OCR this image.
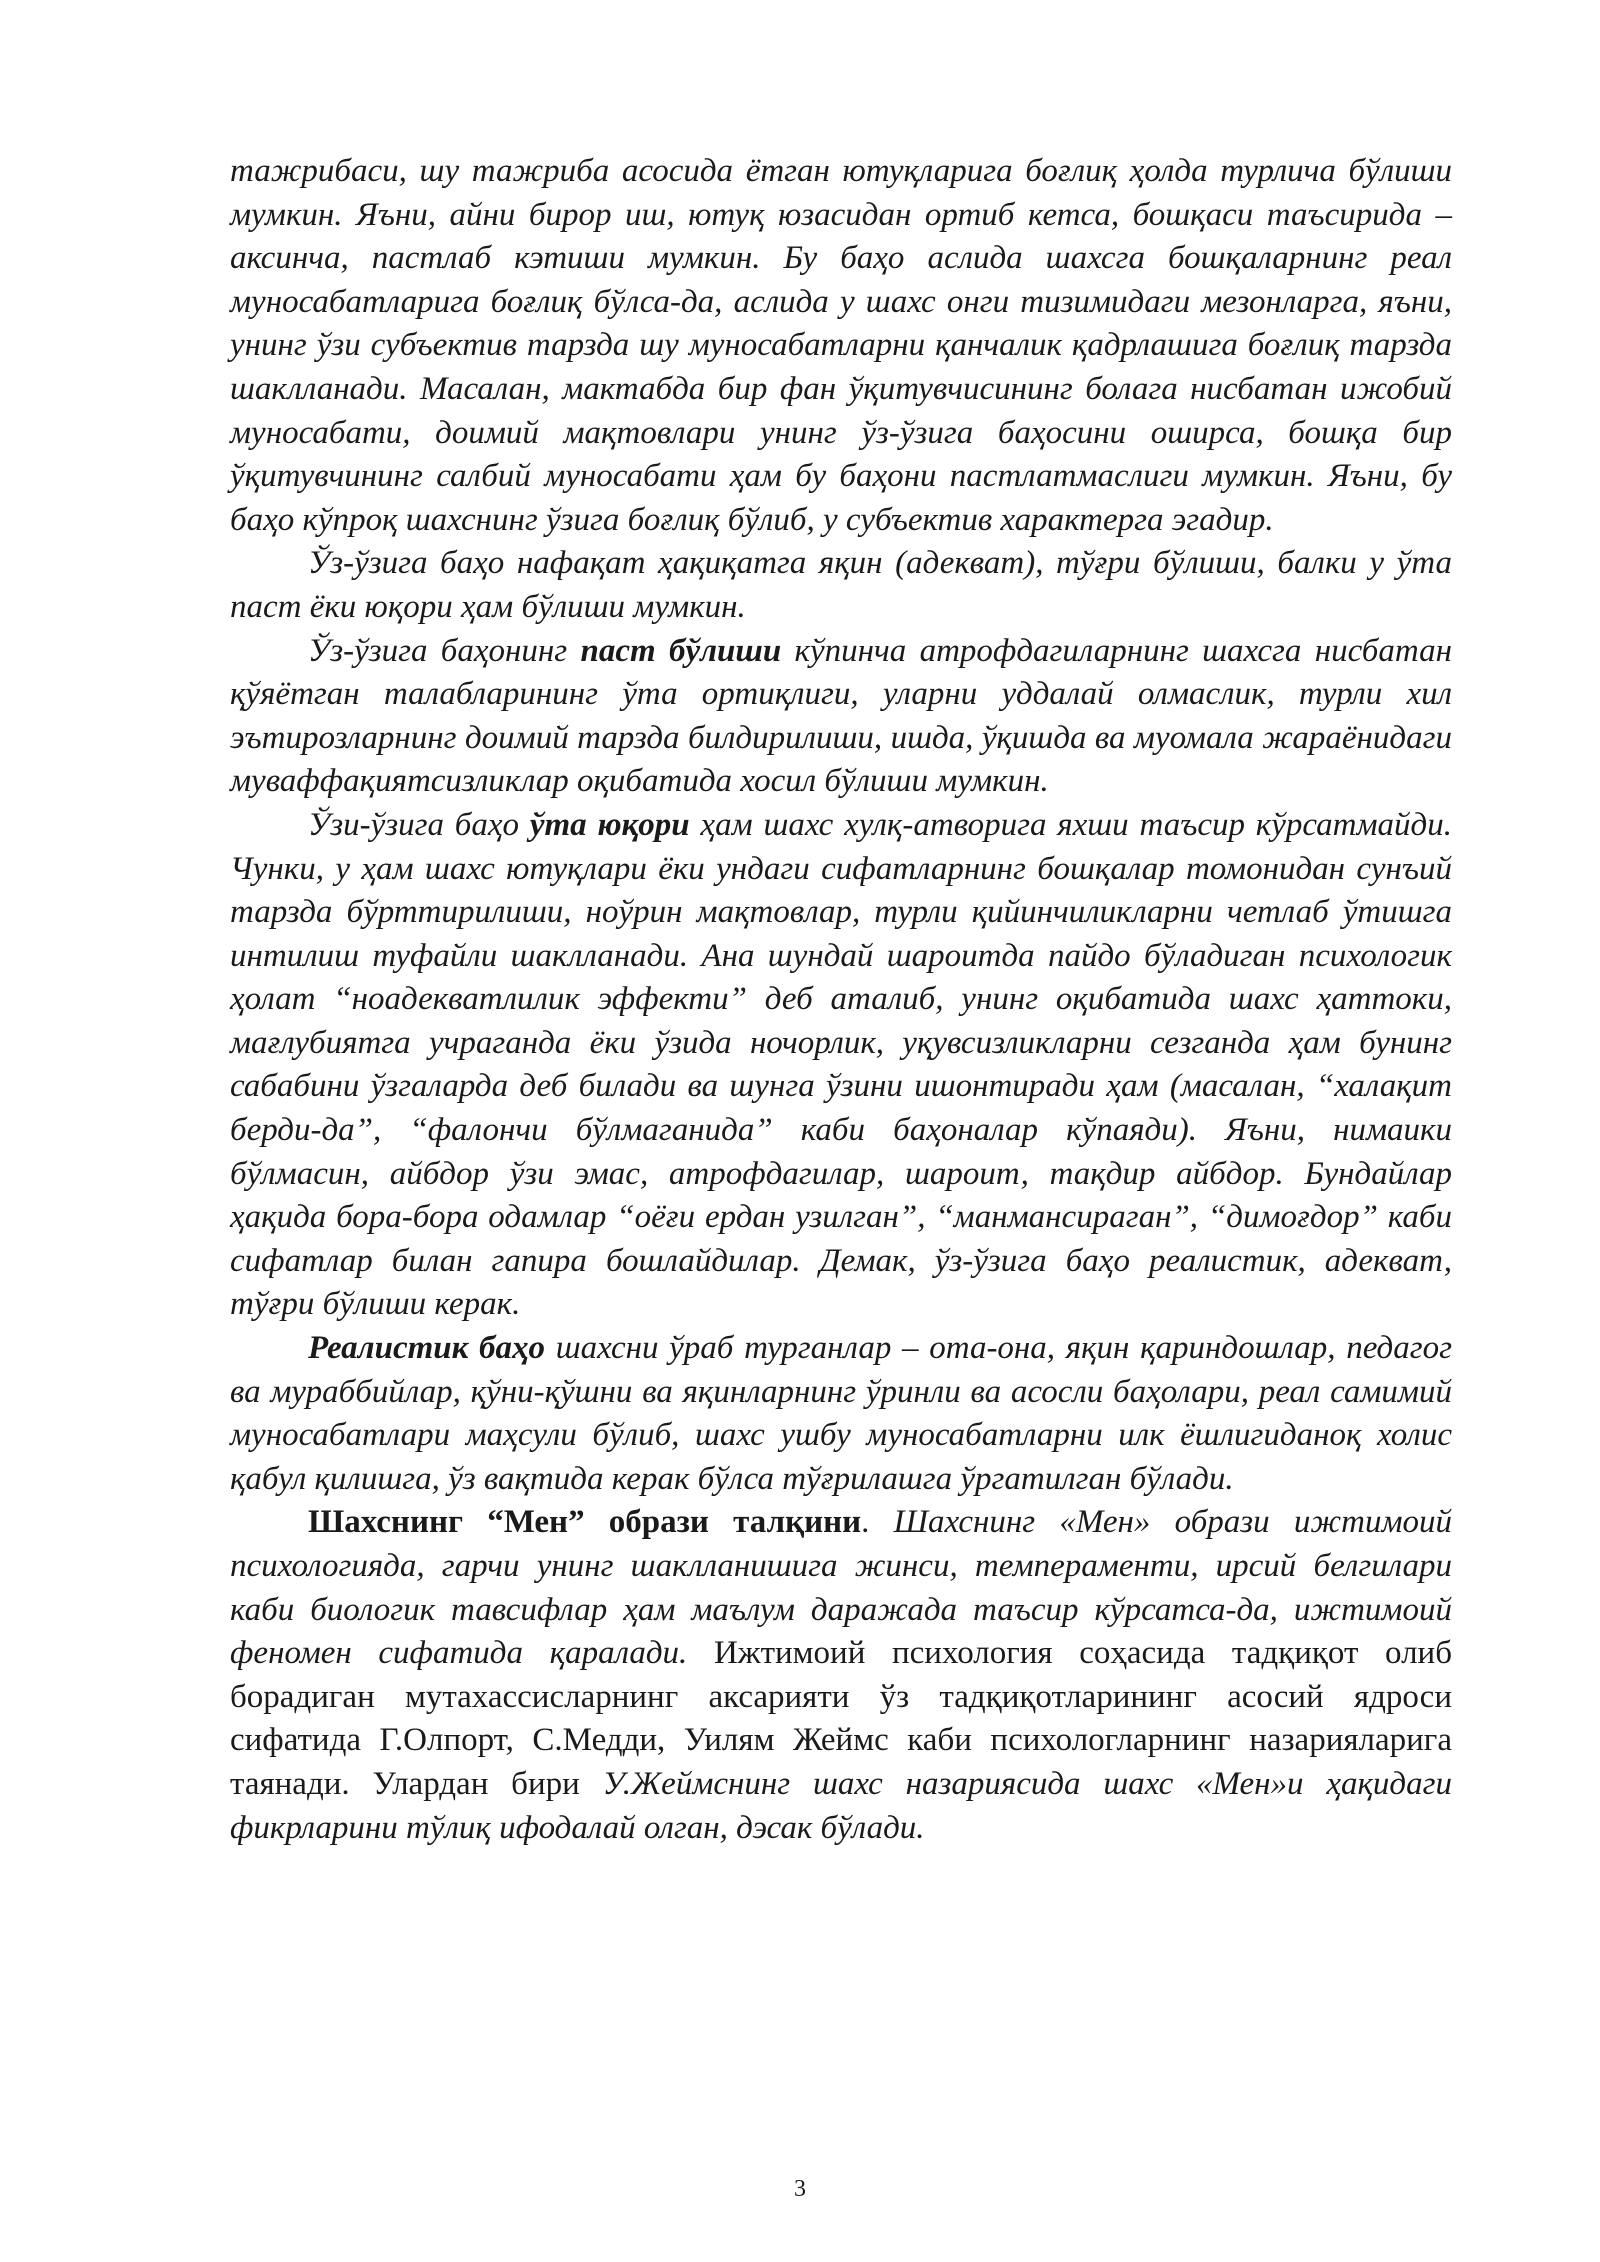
тажрибаси, шу тажриба асосида ётган ютуқларига боғлиқ ҳолда турлича бўлиши мумкин. Яъни, айни бирор иш, ютуқ юзасидан ортиб кетса, бошқаси таъсирида – аксинча, пастлаб кэтиши мумкин. Бу баҳо аслида шахсга бошқаларнинг реал муносабатларига боғлиқ бўлса-да, аслида у шахс онги тизимидаги мезонларга, яъни, унинг ўзи субъектив тарзда шу муносабатларни қанчалик қадрлашига боғлиқ тарзда шаклланади. Масалан, мактабда бир фан ўқитувчисининг болага нисбатан ижобий муносабати, доимий мақтовлари унинг ўз-ўзига баҳосини оширса, бошқа бир ўқитувчининг салбий муносабати ҳам бу баҳони пастлатмаслиги мумкин. Яъни, бу баҳо кўпроқ шахснинг ўзига боғлиқ бўлиб, у субъектив характерга эгадир.

Ўз-ўзига баҳо нафақат ҳақиқатга яқин (адекват), тўғри бўлиши, балки у ўта паст ёки юқори ҳам бўлиши мумкин.

Ўз-ўзига баҳонинг паст бўлиши кўпинча атрофдагиларнинг шахсга нисбатан қўяётган талабларининг ўта ортиқлиги, уларни уддалай олмаслик, турли хил эътирозларнинг доимий тарзда билдирилиши, ишда, ўқишда ва муомала жараёнидаги муваффақиятсизликлар оқибатида хосил бўлиши мумкин.

Ўзи-ўзига баҳо ўта юқори ҳам шахс хулқ-атворига яхши таъсир кўрсатмайди. Чунки, у ҳам шахс ютуқлари ёки ундаги сифатларнинг бошқалар томонидан сунъий тарзда бўрттирилиши, ноўрин мақтовлар, турли қийинчиликларни четлаб ўтишга интилиш туфайли шаклланади. Ана шундай шароитда пайдо бўладиган психологик ҳолат “ноадекватлилик эффекти” деб аталиб, унинг оқибатида шахс ҳаттоки, мағлубиятга учраганда ёки ўзида ночорлик, уқувсизликларни сезганда ҳам бунинг сабабини ўзгаларда деб билади ва шунга ўзини ишонтиради ҳам (масалан, “халақит берди-да”, “фалончи бўлмаганида” каби баҳоналар кўпаяди). Яъни, нимаики бўлмасин, айбдор ўзи эмас, атрофдагилар, шароит, тақдир айбдор. Бундайлар ҳақида бора-бора одамлар “оёғи ердан узилган”, “манмансираган”, “димоғдор” каби сифатлар билан гапира бошлайдилар. Демак, ўз-ўзига баҳо реалистик, адекват, тўғри бўлиши керак.

Реалистик баҳо шахсни ўраб турганлар – ота-она, яқин қариндошлар, педагог ва мураббийлар, қўни-қўшни ва яқинларнинг ўринли ва асосли баҳолари, реал самимий муносабатлари маҳсули бўлиб, шахс ушбу муносабатларни илк ёшлигиданоқ холис қабул қилишга, ўз вақтида керак бўлса тўғрилашга ўргатилган бўлади.

Шахснинг “Мен” образи талқини. Шахснинг «Мен» образи ижтимоий психологияда, гарчи унинг шаклланишига жинси, темпераменти, ирсий белгилари каби биологик тавсифлар ҳам маълум даражада таъсир кўрсатса-да, ижтимоий феномен сифатида қаралади. Ижтимоий психология соҳасида тадқиқот олиб борадиган мутахассисларнинг аксарияти ўз тадқиқотларининг асосий ядроси сифатида Г.Олпорт, С.Медди, Уилям Жеймс каби психологларнинг назарияларига таянади. Улардан бири У.Жеймснинг шахс назариясида шахс «Мен»и ҳақидаги фикрларини тўлиқ ифодалай олган, дэсак бўлади.

3
